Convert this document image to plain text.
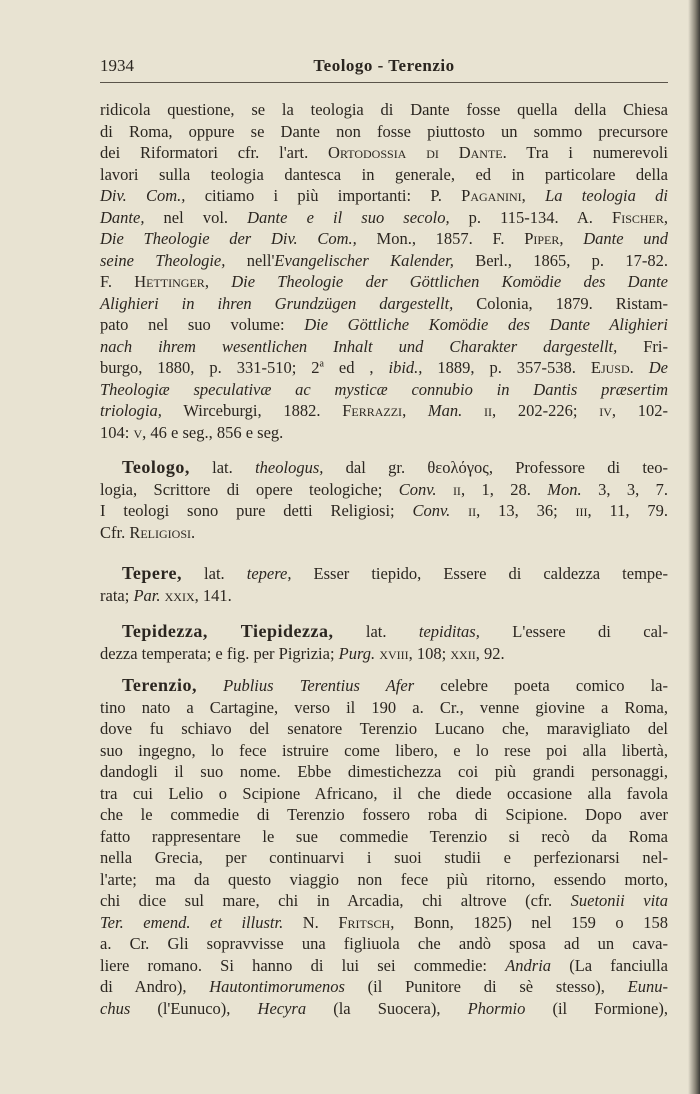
1934	Teologo - Terenzio
ridicola questione, se la teologia di Dante fosse quella della Chiesa
di Roma, oppure se Dante non fosse piuttosto un sommo precursore
dei Riformatori cfr. l'art. Ortodossia di Dante. Tra i numerevoli
lavori sulla teologia dantesca in generale, ed in particolare della
Div. Com., citiamo i più importanti: P. Paganini, La teologia di
Dante, nel vol. Dante e il suo secolo, p. 115-134. A. Fischer,
Die Theologie der Div. Com., Mon., 1857. F. Piper, Dante und
seine Theologie, nell'Evangelischer Kalender, Berl., 1865, p. 17-82.
F. Hettinger, Die Theologie der Göttlichen Komödie des Dante
Alighieri in ihren Grundzügen dargestellt, Colonia, 1879. Ristam-
pato nel suo volume: Die Göttliche Komödie des Dante Alighieri
nach ihrem wesentlichen Inhalt und Charakter dargestellt, Fri-
burgo, 1880, p. 331-510; 2$^a$ ed , ibid., 1889, p. 357-538. Ejusd. De
Theologiæ speculativæ ac mysticæ connubio in Dantis præsertim
triologia, Wirceburgi, 1882. Ferrazzi, Man. ii, 202-226; iv, 102-
104: v, 46 e seg., 856 e seg.
Teologo, lat. theologus, dal gr. θεολόγος, Professore di teo-
logia, Scrittore di opere teologiche; Conv. ii, 1, 28. Mon. 3, 3, 7.
I teologi sono pure detti Religiosi; Conv. ii, 13, 36; iii, 11, 79.
Cfr. Religiosi.
Tepere, lat. tepere, Esser tiepido, Essere di caldezza tempe-
rata; Par. xxix, 141.
Tepidezza, Tiepidezza, lat. tepiditas, L'essere di cal-
dezza temperata; e fig. per Pigrizia; Purg. xviii, 108; xxii, 92.
Terenzio, Publius Terentius Afer celebre poeta comico la-
tino nato a Cartagine, verso il 190 a. Cr., venne giovine a Roma,
dove fu schiavo del senatore Terenzio Lucano che, maravigliato del
suo ingegno, lo fece istruire come libero, e lo rese poi alla libertà,
dandogli il suo nome. Ebbe dimestichezza coi più grandi personaggi,
tra cui Lelio o Scipione Africano, il che diede occasione alla favola
che le commedie di Terenzio fossero roba di Scipione. Dopo aver
fatto rappresentare le sue commedie Terenzio si recò da Roma
nella Grecia, per continuarvi i suoi studii e perfezionarsi nel-
l'arte; ma da questo viaggio non fece più ritorno, essendo morto,
chi dice sul mare, chi in Arcadia, chi altrove (cfr. Suetonii vita
Ter. emend. et illustr. N. Fritsch, Bonn, 1825) nel 159 o 158
a. Cr. Gli sopravvisse una figliuola che andò sposa ad un cava-
liere romano. Si hanno di lui sei commedie: Andria (La fanciulla
di Andro), Hautontimorumenos (il Punitore di sè stesso), Eunu-
chus (l'Eunuco), Hecyra (la Suocera), Phormio (il Formione),
